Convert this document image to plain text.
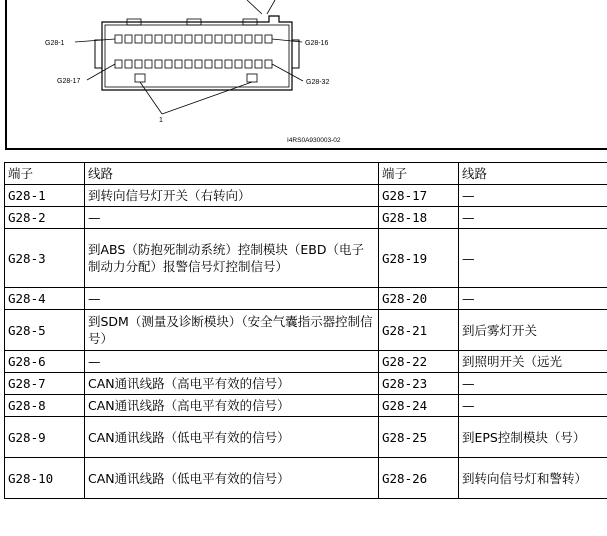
G28-1	G28-16
G28-17	G28-32
1
I4RS0A930003-02
端子	线路	端子	线路
G28-1	到转向信号灯开关（右转向）	G28-17	—
G28-2	—	G28-18	—
G28-3	到ABS（防抱死制动系统）控制模块（EBD（电子制动力分配）报警信号灯控制信号）	G28-19	—
G28-4	—	G28-20	—
G28-5	到SDM（测量及诊断模块）（安全气囊指示器控制信号）	G28-21	到后雾灯开关
G28-6	—	G28-22	到照明开关（远光
G28-7	CAN通讯线路（高电平有效的信号）	G28-23	—
G28-8	CAN通讯线路（高电平有效的信号）	G28-24	—
G28-9	CAN通讯线路（低电平有效的信号）	G28-25	到EPS控制模块（号）
G28-10	CAN通讯线路（低电平有效的信号）	G28-26	到转向信号灯和警转）
